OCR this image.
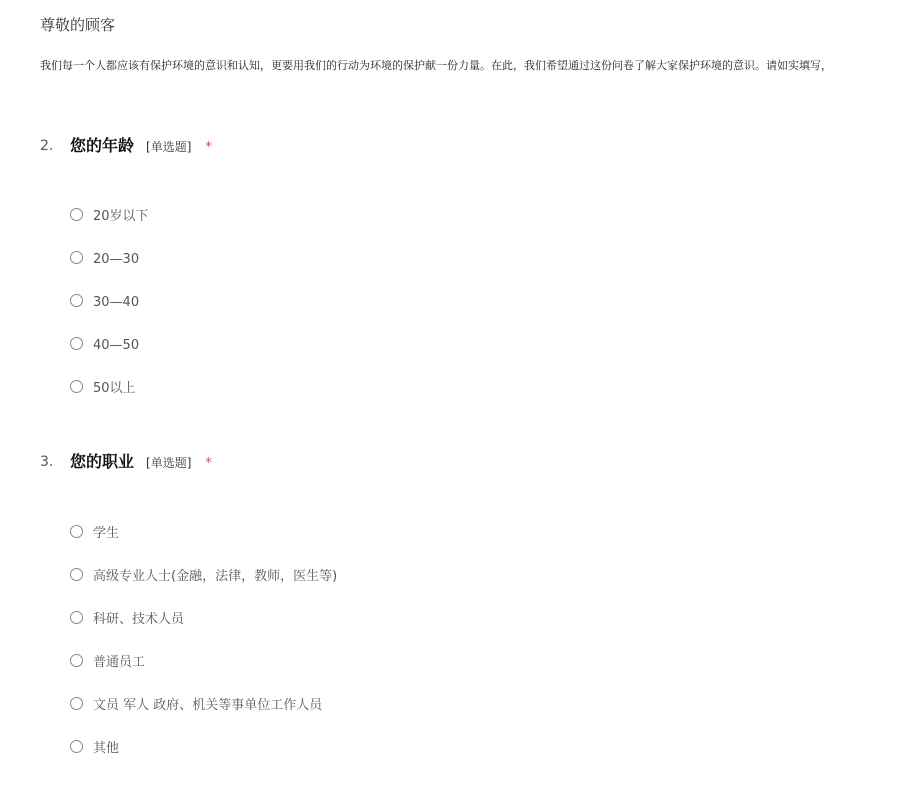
尊敬的顾客
我们每一个人都应该有保护环境的意识和认知，更要用我们的行动为环境的保护献一份力量。在此，我们希望通过这份问卷了解大家保护环境的意识。请如实填写，
2. 您的年龄 [单选题] *
20岁以下
20—30
30—40
40—50
50以上
3. 您的职业 [单选题] *
学生
高级专业人士(金融，法律，教师，医生等)
科研、技术人员
普通员工
文员 军人 政府、机关等事单位工作人员
其他
